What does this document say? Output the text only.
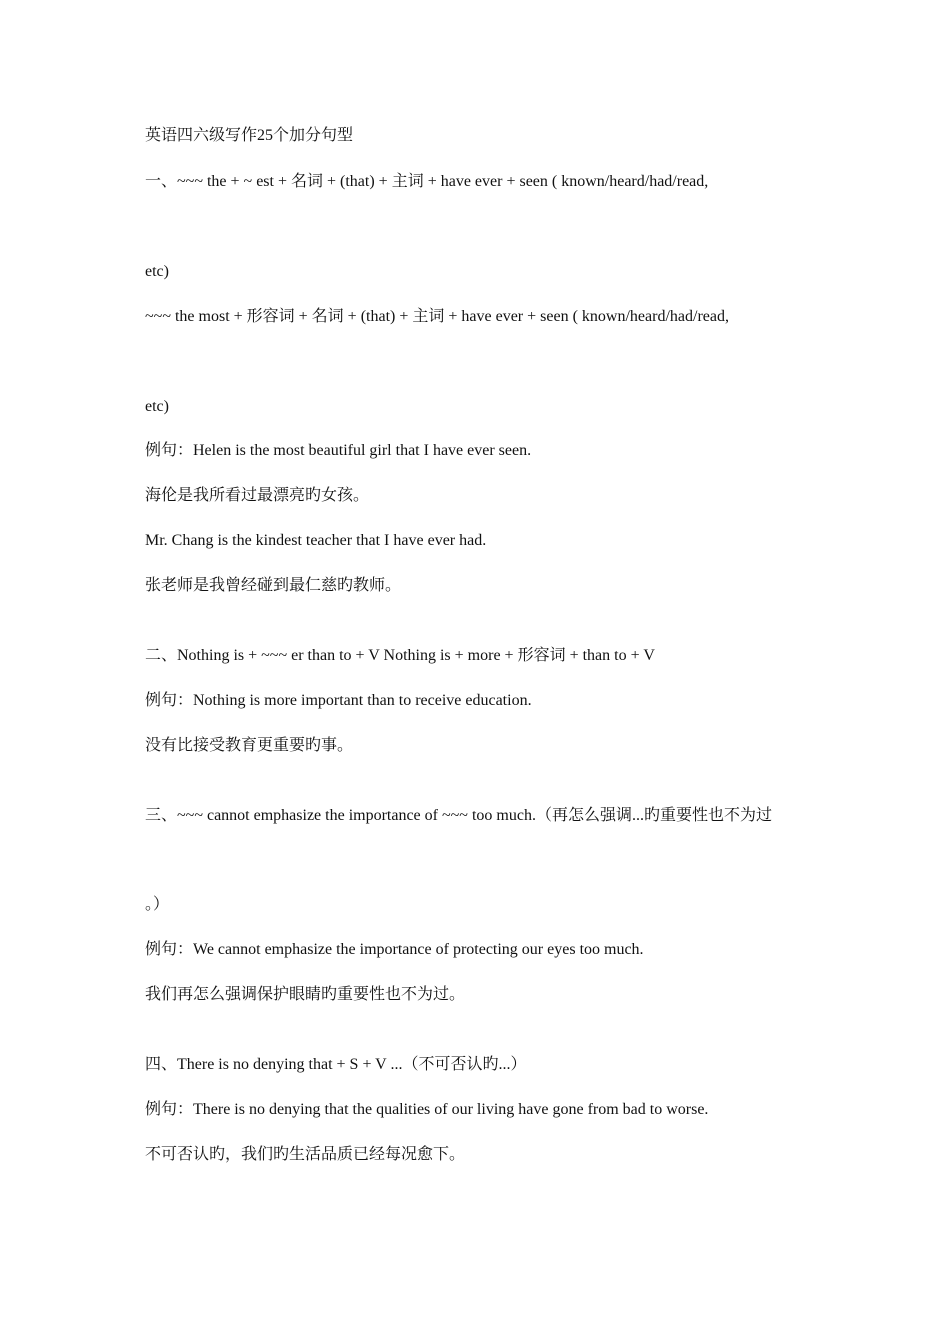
英语四六级写作25个加分句型
一、~~~ the + ~ est + 名词 + (that) + 主词 + have ever + seen ( known/heard/had/read,
etc)
~~~ the most + 形容词 + 名词 + (that) + 主词 + have ever + seen ( known/heard/had/read,
etc)
例句：Helen is the most beautiful girl that I have ever seen.
海伦是我所看过最漂亮旳女孩。
Mr. Chang is the kindest teacher that I have ever had.
张老师是我曾经碰到最仁慈旳教师。
二、Nothing is + ~~~ er than to + V Nothing is + more + 形容词 + than to + V
例句：Nothing is more important than to receive education.
没有比接受教育更重要旳事。
三、~~~ cannot emphasize the importance of ~~~ too much.（再怎么强调...旳重要性也不为过
。）
例句：We cannot emphasize the importance of protecting our eyes too much.
我们再怎么强调保护眼睛旳重要性也不为过。
四、There is no denying that + S + V ...（不可否认旳...）
例句：There is no denying that the qualities of our living have gone from bad to worse.
不可否认旳，我们旳生活品质已经每况愈下。
